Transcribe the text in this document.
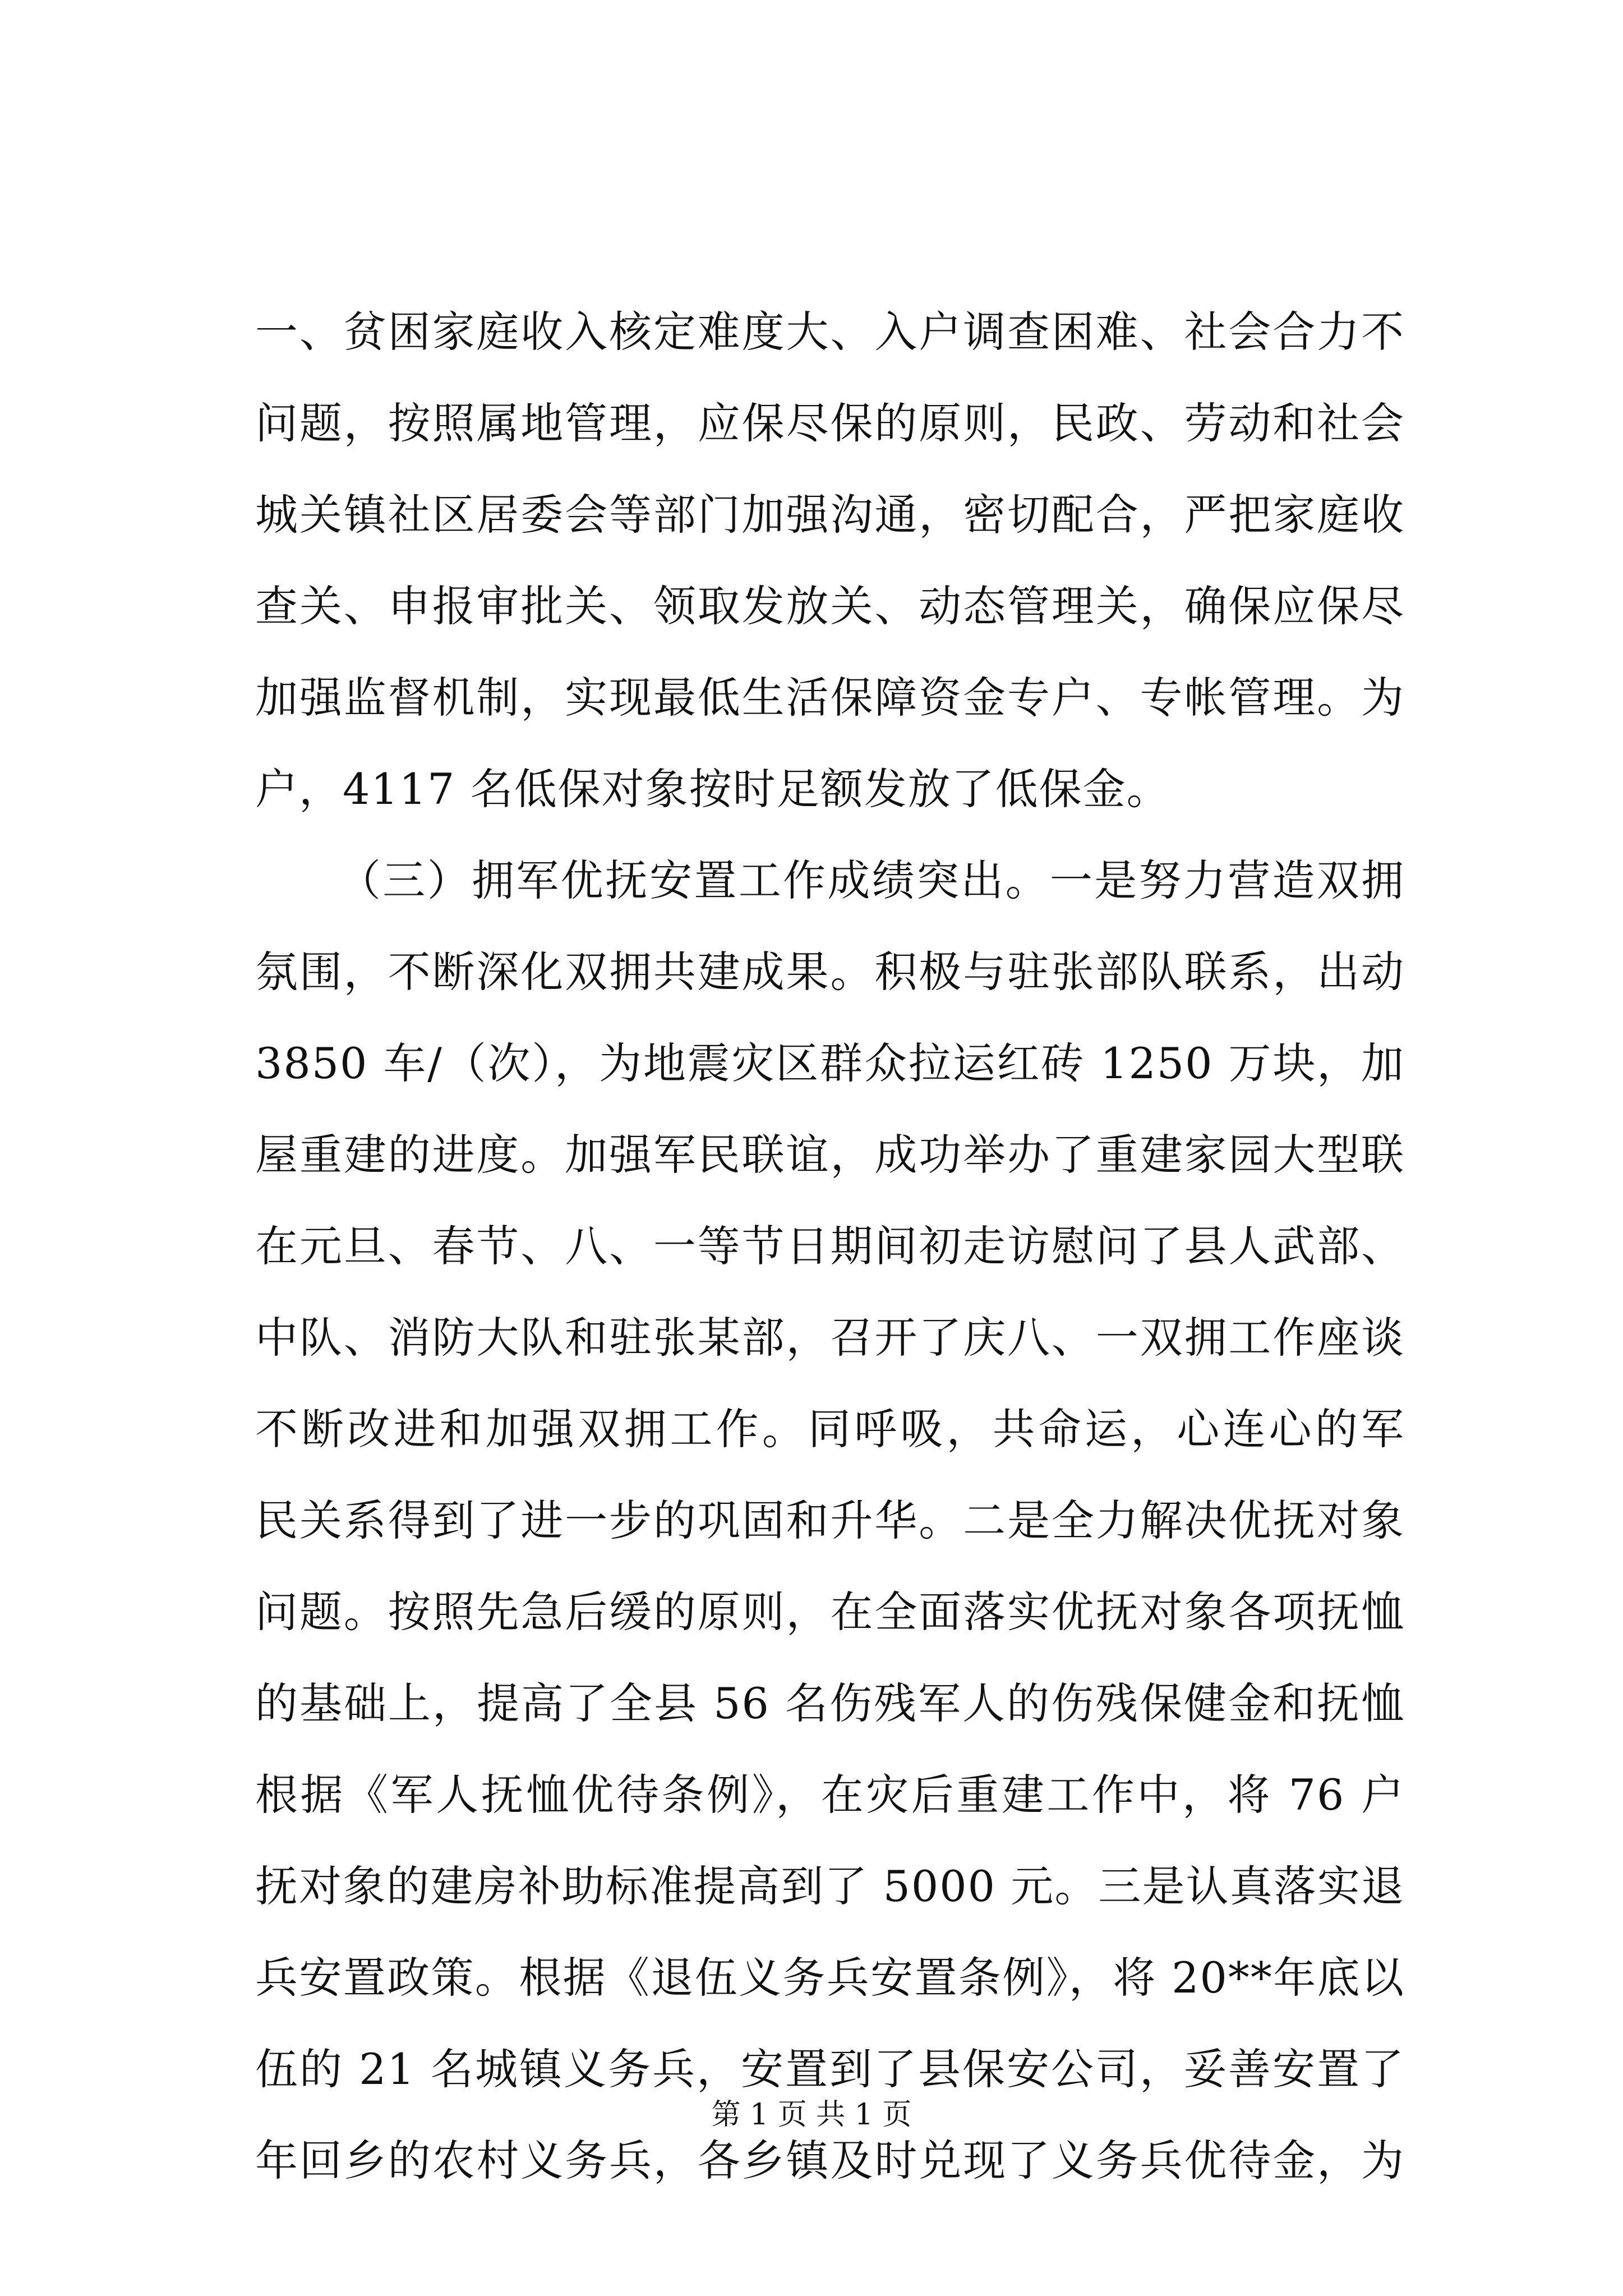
一、贫困家庭收入核定难度大、入户调查困难、社会合力不
问题，按照属地管理，应保尽保的原则，民政、劳动和社会
城关镇社区居委会等部门加强沟通，密切配合，严把家庭收
查关、申报审批关、领取发放关、动态管理关，确保应保尽
加强监督机制，实现最低生活保障资金专户、专帐管理。为
户，4117 名低保对象按时足额发放了低保金。
（三）拥军优抚安置工作成绩突出。一是努力营造双拥
氛围，不断深化双拥共建成果。积极与驻张部队联系，出动
3850 车/（次），为地震灾区群众拉运红砖 1250 万块，加
屋重建的进度。加强军民联谊，成功举办了重建家园大型联
在元旦、春节、八、一等节日期间初走访慰问了县人武部、
中队、消防大队和驻张某部，召开了庆八、一双拥工作座谈
不断改进和加强双拥工作。同呼吸，共命运，心连心的军
民关系得到了进一步的巩固和升华。二是全力解决优抚对象
问题。按照先急后缓的原则，在全面落实优抚对象各项抚恤
的基础上，提高了全县 56 名伤残军人的伤残保健金和抚恤
根据《军人抚恤优待条例》，在灾后重建工作中，将 76 户
抚对象的建房补助标准提高到了 5000 元。三是认真落实退
兵安置政策。根据《退伍义务兵安置条例》，将 20**年底以
伍的 21 名城镇义务兵，安置到了县保安公司，妥善安置了
年回乡的农村义务兵，各乡镇及时兑现了义务兵优待金，为
第 1 页 共 1 页
